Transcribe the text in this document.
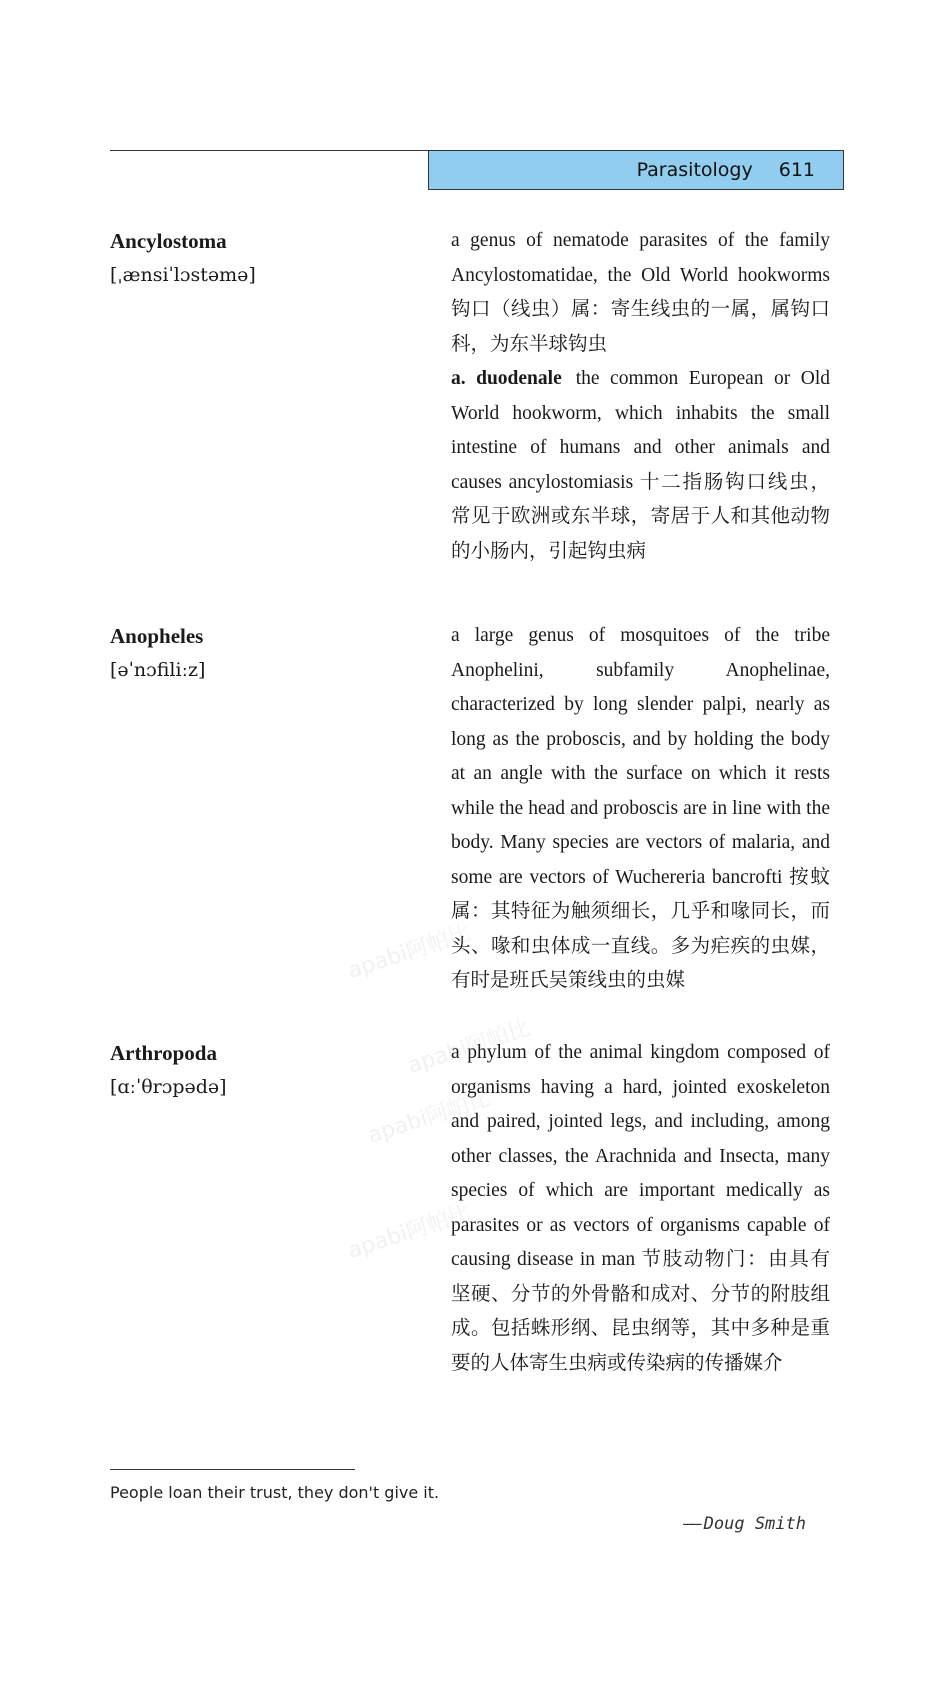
Parasitology 611
Ancylostoma
[ˌænsiˈlɔstəmə]

a genus of nematode parasites of the family Ancylostomatidae, the Old World hookworms 钩口（线虫）属：寄生线虫的一属，属钩口科，为东半球钩虫

a. duodenale the common European or Old World hookworm, which inhabits the small intestine of humans and other animals and causes ancylostomiasis 十二指肠钩口线虫，常见于欧洲或东半球，寄居于人和其他动物的小肠内，引起钩虫病

Anopheles
[əˈnɔfiliːz]

a large genus of mosquitoes of the tribe Anophelini, subfamily Anophelinae, characterized by long slender palpi, nearly as long as the proboscis, and by holding the body at an angle with the surface on which it rests while the head and proboscis are in line with the body. Many species are vectors of malaria, and some are vectors of Wuchereria bancrofti 按蚊属：其特征为触须细长，几乎和喙同长，而头、喙和虫体成一直线。多为疟疾的虫媒，有时是班氏吴策线虫的虫媒

Arthropoda
[ɑːˈθrɔpədə]

a phylum of the animal kingdom composed of organisms having a hard, jointed exoskeleton and paired, jointed legs, and including, among other classes, the Arachnida and Insecta, many species of which are important medically as parasites or as vectors of organisms capable of causing disease in man 节肢动物门：由具有坚硬、分节的外骨骼和成对、分节的附肢组成。包括蛛形纲、昆虫纲等，其中多种是重要的人体寄生虫病或传染病的传播媒介

apabi阿帕比
apabi阿帕比
apabi阿帕比
apabi阿帕比
People loan their trust, they don't give it.
—— Doug Smith
